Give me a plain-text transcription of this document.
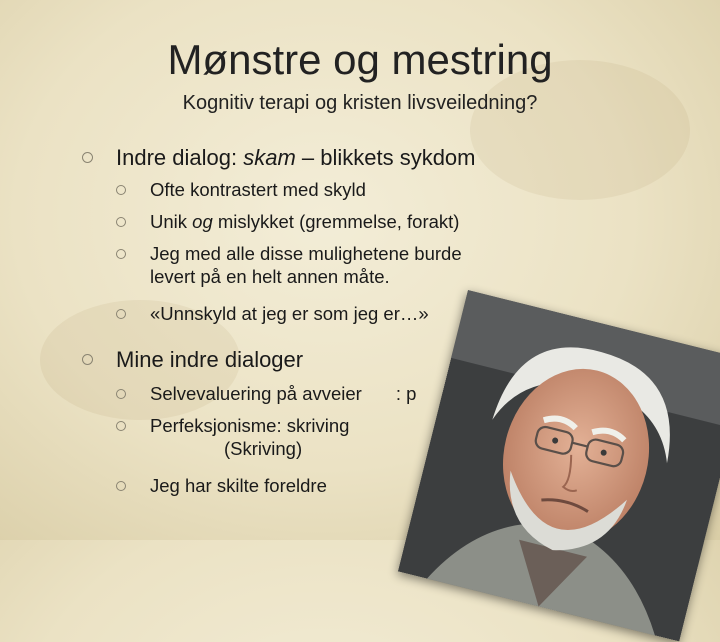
Mønstre og mestring
Kognitiv terapi og kristen livsveiledning?
Indre dialog: skam – blikkets sykdom
Ofte kontrastert med skyld
Unik og mislykket (gremmelse, forakt)
Jeg med alle disse mulighetene burde
levert på en helt annen måte.
«Unnskyld at jeg er som jeg er…»
Mine indre dialoger
Selvevaluering på avveier : p
Perfeksjonisme: skriving
(Skriving)
Jeg har skilte foreldre
